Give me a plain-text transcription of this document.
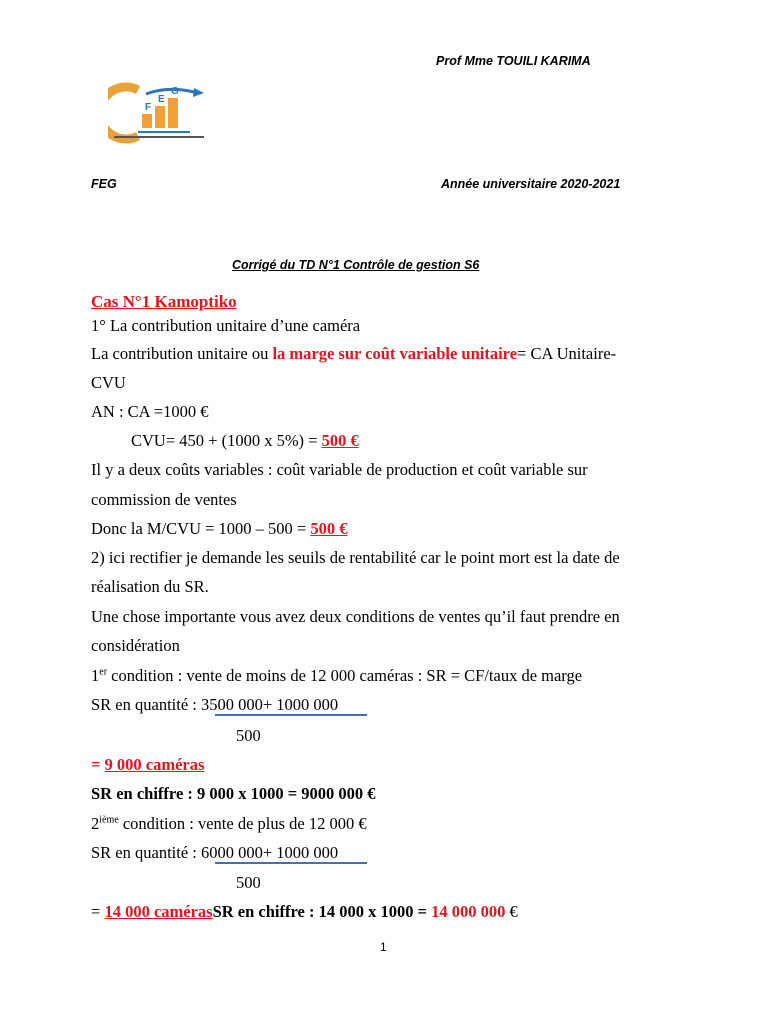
Prof Mme TOUILI KARIMA
F
E
G
FEG	Année universitaire 2020-2021
Corrigé du TD N°1 Contrôle de gestion S6
Cas N°1 Kamoptiko
1° La contribution unitaire d’une caméra
La contribution unitaire ou la marge sur coût variable unitaire= CA Unitaire-
CVU
AN : CA =1000 €
CVU= 450 + (1000 x 5%) = 500 €
Il y a deux coûts variables : coût variable de production et coût variable sur
commission de ventes
Donc la M/CVU = 1000 – 500 = 500 €
2) ici rectifier je demande les seuils de rentabilité car le point mort est la date de
réalisation du SR.
Une chose importante vous avez deux conditions de ventes qu’il faut prendre en
considération
1er condition : vente de moins de 12 000 caméras : SR = CF/taux de marge
SR en quantité : 3500 000+ 1000 000
500
= 9 000 caméras
SR en chiffre : 9 000 x 1000 = 9000 000 €
2ième condition : vente de plus de 12 000 €
SR en quantité : 6000 000+ 1000 000
500
= 14 000 camérasSR en chiffre : 14 000 x 1000 = 14 000 000 €
1
